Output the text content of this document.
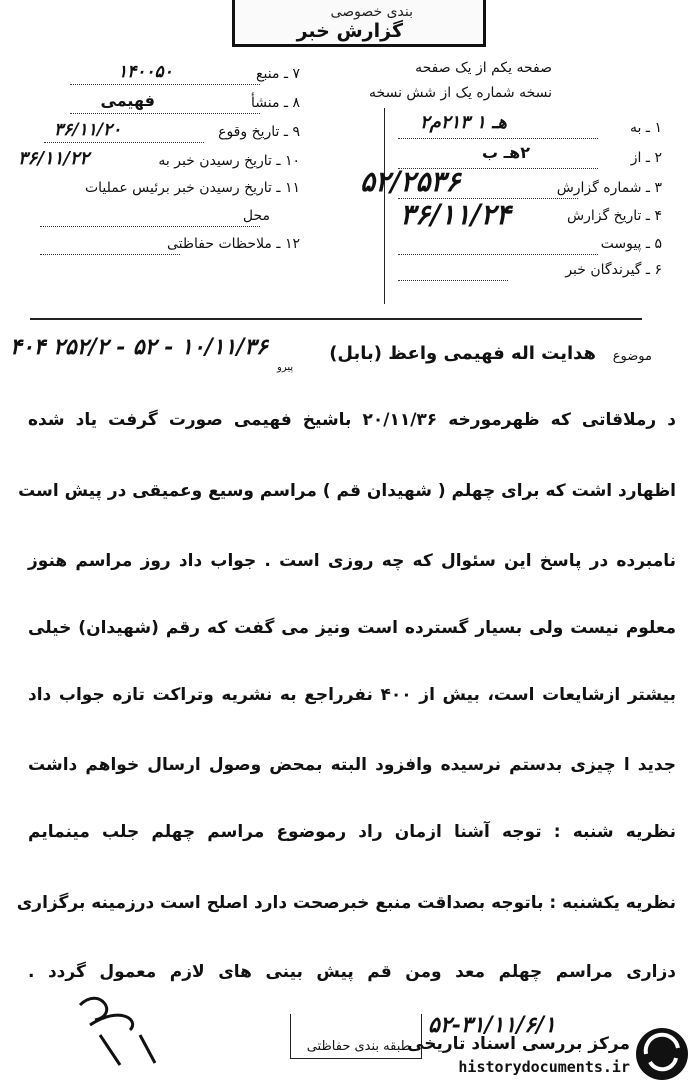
بندی خصوصی
گزارش خبر
صفحه یکم از یک صفحه
نسخه شماره یک از شش نسخه
۷ ـ منبع
۱۴۰۰۵۰
۸ ـ منشأ
فهیمی
۹ ـ تاریخ وقوع
۳۶/۱۱/۲۰
۱۰ ـ تاریخ رسیدن خبر به
۳۶/۱۱/۲۲
۱۱ ـ تاریخ رسیدن خبر برئیس عملیات
محل
۱۲ ـ ملاحظات حفاظتی
۱ ـ به
۲هـ ۱ ۲۱۳م
۲ ـ از
۲هـ ب
۳ ـ شماره گزارش
۵۲/۲۵۳۶
۴ ـ تاریخ گزارش
۳۶/۱۱/۲۴
۵ ـ پیوست
۶ ـ گیرندگان خبر
موضوع
هدایت اله فهیمی واعظ (بابل)
۴۰۴ ۲۵۲/۲ - ۵۲ - ۱۰/۱۱/۳۶
پیرو
د رملاقاتی که ظهرمورخه ۲۰/۱۱/۳۶ باشیخ فهیمی صورت گرفت یاد شده
اظهارد اشت که برای چهلم ( شهیدان قم ) مراسم وسیع وعمیقی در پیش است
نامبرده در پاسخ این سئوال که چه روزی است . جواب داد روز مراسم هنوز
معلوم نیست ولی بسیار گسترده است ونیز می گفت که رقم (شهیدان) خیلی
بیشتر ازشایعات است، بیش از ۴۰۰ نفرراجع به نشریه وتراکت تازه جواب داد
جدید ا چیزی بدستم نرسیده وافزود البته بمحض وصول ارسال خواهم داشت
نظریه شنبه : توجه آشنا ازمان راد رموضوع مراسم چهلم جلب مینمایم
نظریه یکشنبه : باتوجه بصداقت منبع خبرصحت دارد اصلح است درزمینه برگزاری
دزاری مراسم چهلم معد ومن قم پیش بینی های لازم معمول گردد .
طبقه بندی حفاظتی
۵۲-۳۱/۱۱/۶/۱
مرکز بررسی اسناد تاریخی
historydocuments.ir
